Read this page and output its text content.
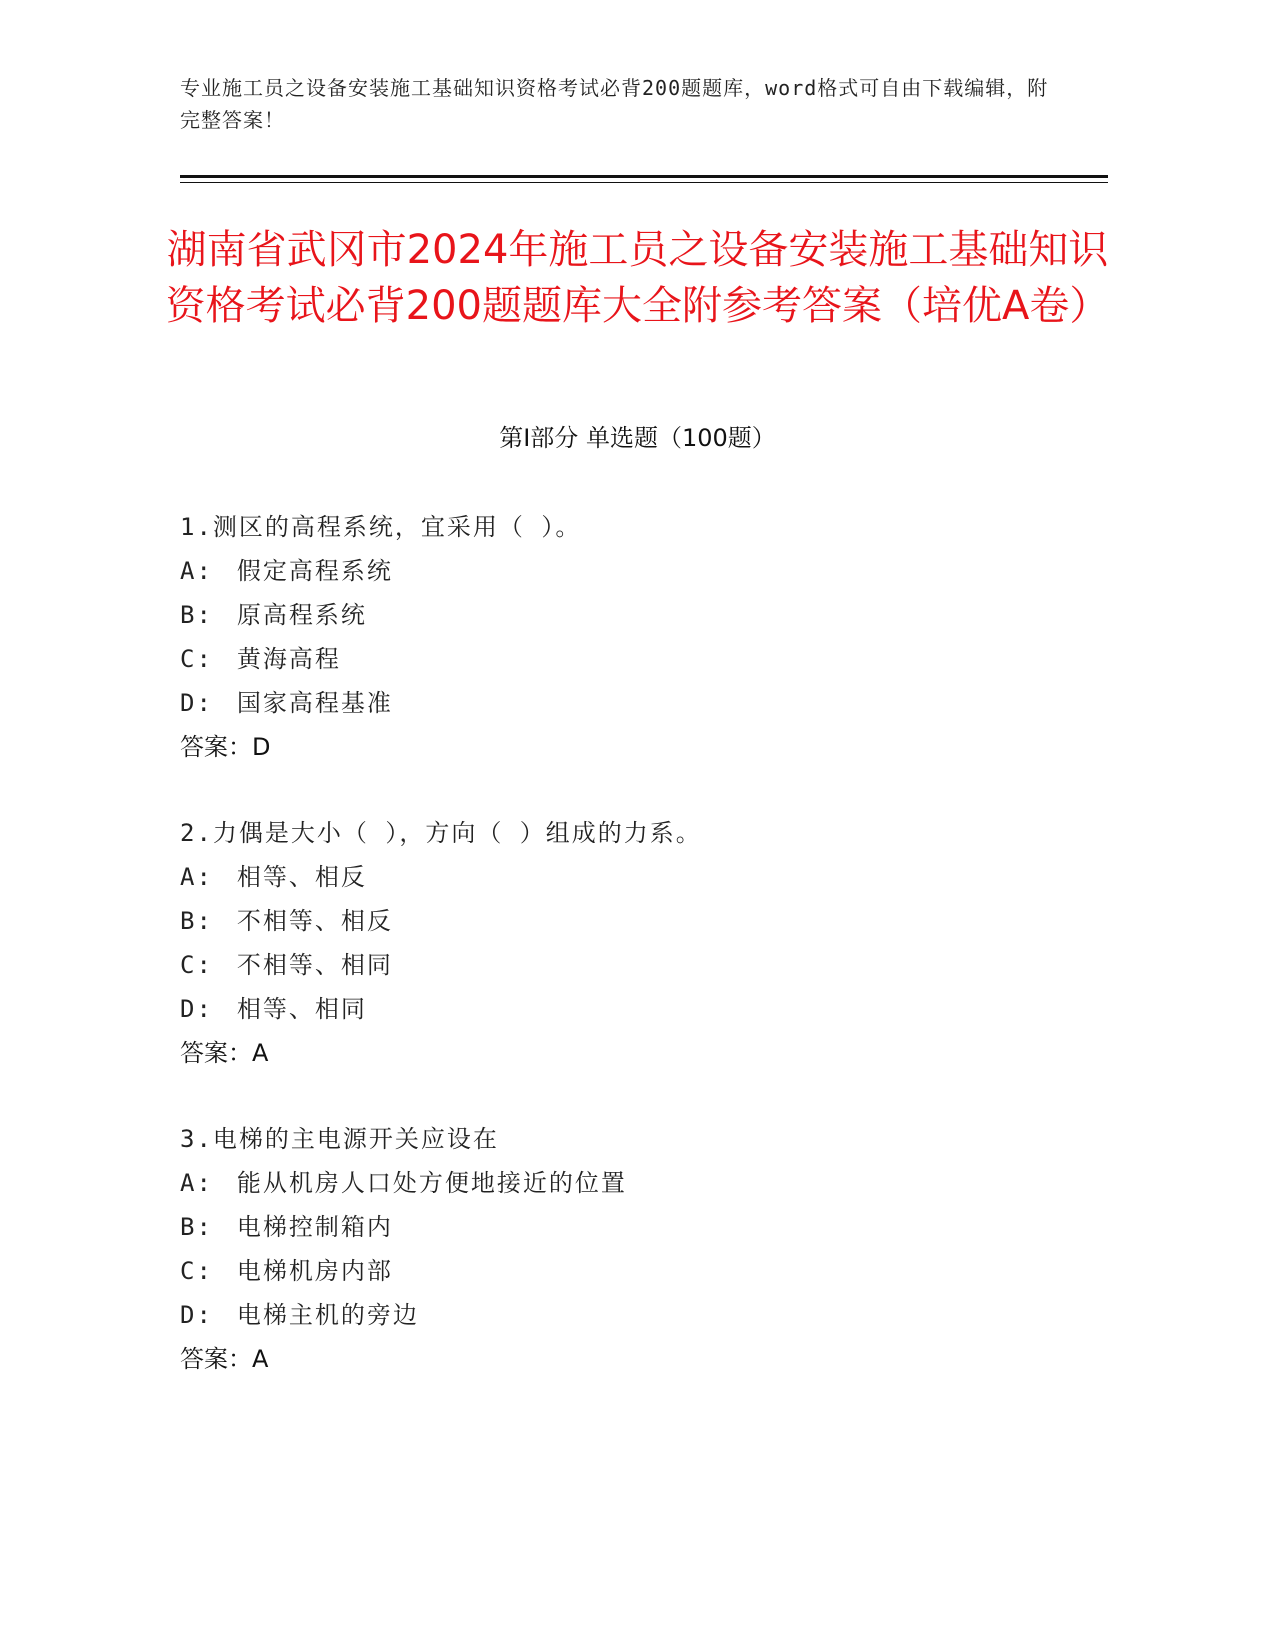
专业施工员之设备安装施工基础知识资格考试必背200题题库，word格式可自由下载编辑，附完整答案！
湖南省武冈市2024年施工员之设备安装施工基础知识资格考试必背200题题库大全附参考答案（培优A卷）
第I部分 单选题（100题）
1.测区的高程系统，宜采用（ ）。
A: 假定高程系统
B: 原高程系统
C: 黄海高程
D: 国家高程基准
答案：D
2.力偶是大小（ ），方向（ ）组成的力系。
A: 相等、相反
B: 不相等、相反
C: 不相等、相同
D: 相等、相同
答案：A
3.电梯的主电源开关应设在
A: 能从机房人口处方便地接近的位置
B: 电梯控制箱内
C: 电梯机房内部
D: 电梯主机的旁边
答案：A
